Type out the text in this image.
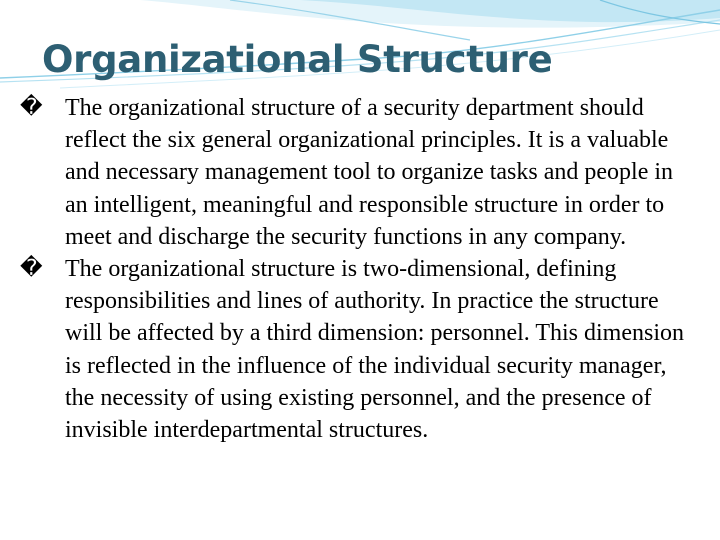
Organizational Structure
� The organizational structure of a security department should reflect the six general organizational principles. It is a valuable and necessary management tool to organize tasks and people in an intelligent, meaningful and responsible structure in order to meet and discharge the security functions in any company.
� The organizational structure is two-dimensional, defining responsibilities and lines of authority. In practice the structure will be affected by a third dimension: personnel. This dimension is reflected in the influence of the individual security manager, the necessity of using existing personnel, and the presence of invisible interdepartmental structures.
